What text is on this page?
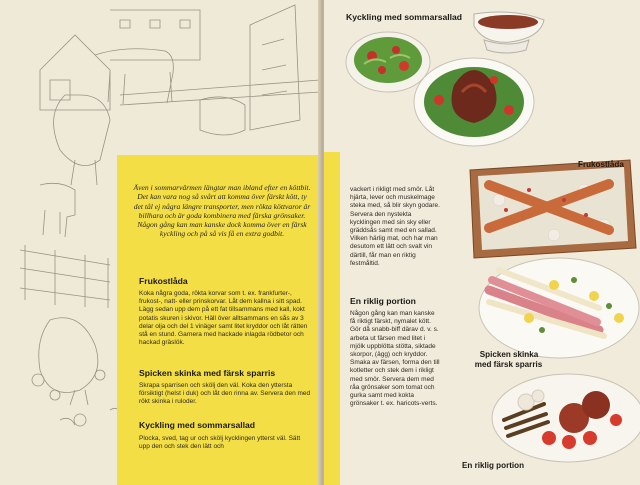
Även i sommarvärmen längtar man ibland efter en köttbit. Det kan vara nog så svårt att komma över färskt kött, ty det tål ej några längre transporter, men rökta köttvaror är billhara och är goda kombinera med färska grönsaker. Någon gång kan man kanske dock komma över en färsk kyckling och på så vis få en extra godbit.

Frukostlåda

Koka några goda, rökta korvar som t. ex. frankfurter-, frukost-, natt- eller prinskorvar. Låt dem kallna i sitt spad. Lägg sedan upp dem på ett fat tillsammans med kall, kokt potatis skuren i skivor. Häll över alltsammans en sås av 3 delar olja och del 1 vinäger samt litet kryddor och låt rätten stå en stund. Garnera med hackade inlagda rödbetor och hackad gräslök.

Spicken skinka med färsk sparris

Skrapa sparrisen och skölj den väl. Koka den yttersta försiktigt (helst i duk) och låt den rinna av. Servera den med rökt skinka i ruloder.

Kyckling med sommarsallad

Plocka, sved, tag ur och skölj kycklingen ytterst väl. Sätt upp den och stek den lätt och

Kyckling med sommarsallad

vackert i rikligt med smör. Låt hjärta, lever och muskelmage steka med, så blir skyn godare. Servera den nystekta kycklingen med sin sky eller gräddsås samt med en sallad. Vilken härlig mat, och har man desutom ett lätt och svalt vin därtill, får man en riktig festmåltid.

En riklig portion

Någon gång kan man kanske få riktigt färskt, nymalet kött. Gör då snabb-biff därav d. v. s. arbeta ut färsen med litet i mjölk uppblötta stötta, siktade skorpor, (ägg) och kryddor. Smaka av färsen, forma den till kotletter och stek dem i rikligt med smör. Servera dem med råa grönsaker som tomat och gurka samt med kokta grönsaker t. ex. haricots-verts.

Frukostlåda

Spicken skinka

med färsk sparris

En riklig portion
